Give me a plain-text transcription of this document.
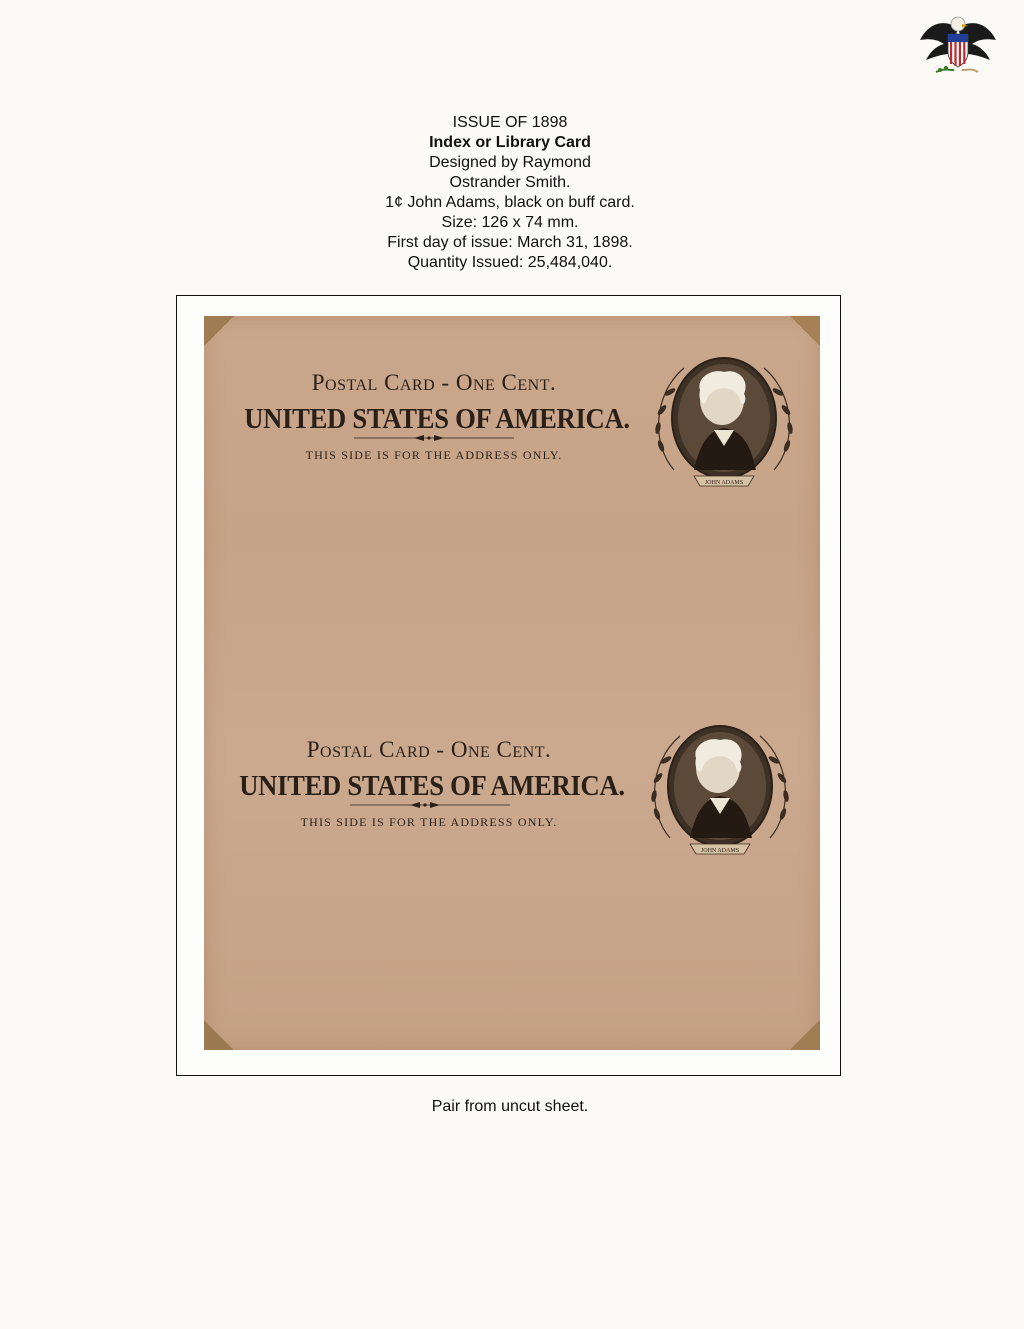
ISSUE OF 1898
Index or Library Card
Designed by Raymond
Ostrander Smith.
1¢ John Adams, black on buff card.
Size: 126 x 74 mm.
First day of issue: March 31, 1898.
Quantity Issued: 25,484,040.
Postal Card - One Cent.
UNITED STATES OF AMERICA.
THIS SIDE IS FOR THE ADDRESS ONLY.
JOHN ADAMS
Postal Card - One Cent.
UNITED STATES OF AMERICA.
THIS SIDE IS FOR THE ADDRESS ONLY.
JOHN ADAMS
Pair from uncut sheet.
